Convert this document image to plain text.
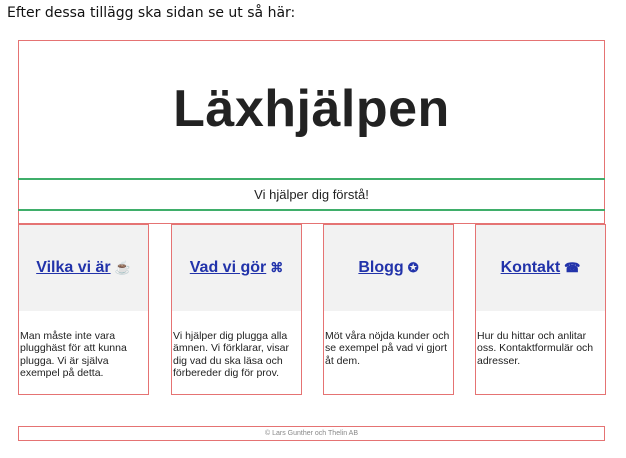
Efter dessa tillägg ska sidan se ut så här:
Läxhjälpen
Vi hjälper dig förstå!
Vilka vi är ☕
Man måste inte vara plugghäst för att kunna plugga. Vi är själva exempel på detta.
Vad vi gör ⌘
Vi hjälper dig plugga alla ämnen. Vi förklarar, visar dig vad du ska läsa och förbereder dig för prov.
Blogg ✪
Möt våra nöjda kunder och se exempel på vad vi gjort åt dem.
Kontakt ☎
Hur du hittar och anlitar oss. Kontaktformulär och adresser.
© Lars Gunther och Thelin AB
